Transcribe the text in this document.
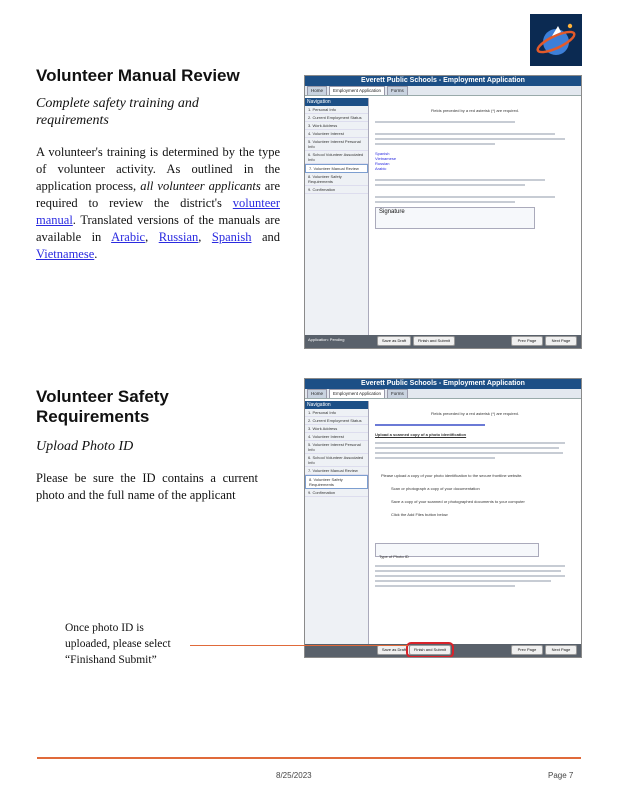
Volunteer Manual Review
Complete safety training and requirements
A volunteer's training is determined by the type of volunteer activity. As outlined in the application process, all volunteer applicants are required to review the district's volunteer manual. Translated versions of the manuals are available in Arabic, Russian, Spanish and Vietnamese.
Everett Public Schools - Employment Application
Home	Employment Application	Forms
Navigation
1. Personal Info
2. Current Employment Status
3. Work Address
4. Volunteer Interest
5. Volunteer Interest Personal Info
6. School Volunteer Associated Info
7. Volunteer Manual Review
8. Volunteer Safety Requirements
9. Confirmation
Fields preceded by a red asterisk (*) are required.
Spanish
Vietnamese
Russian
Arabic
Signature
Application: Pending	Save as Draft	Finish and Submit	Prev Page	Next Page
Volunteer Safety
Requirements
Upload Photo ID
Please be sure the ID contains a current photo and the full name of the applicant
Everett Public Schools - Employment Application
Home	Employment Application	Forms
Navigation
1. Personal Info
2. Current Employment Status
3. Work Address
4. Volunteer Interest
5. Volunteer Interest Personal Info
6. School Volunteer Associated Info
7. Volunteer Manual Review
8. Volunteer Safety Requirements
9. Confirmation
Fields preceded by a red asterisk (*) are required.
Upload a scanned copy of a photo identification
Please upload a copy of your photo identification to the secure frontline website.
Scan or photograph a copy of your documentation
Save a copy of your scanned or photographed documents to your computer
Click the Add Files button below
Type of Photo ID
Save as Draft	Finish and Submit	Prev Page	Next Page
Once photo ID is
uploaded, please select
“Finishand Submit”
8/25/2023	Page 7
